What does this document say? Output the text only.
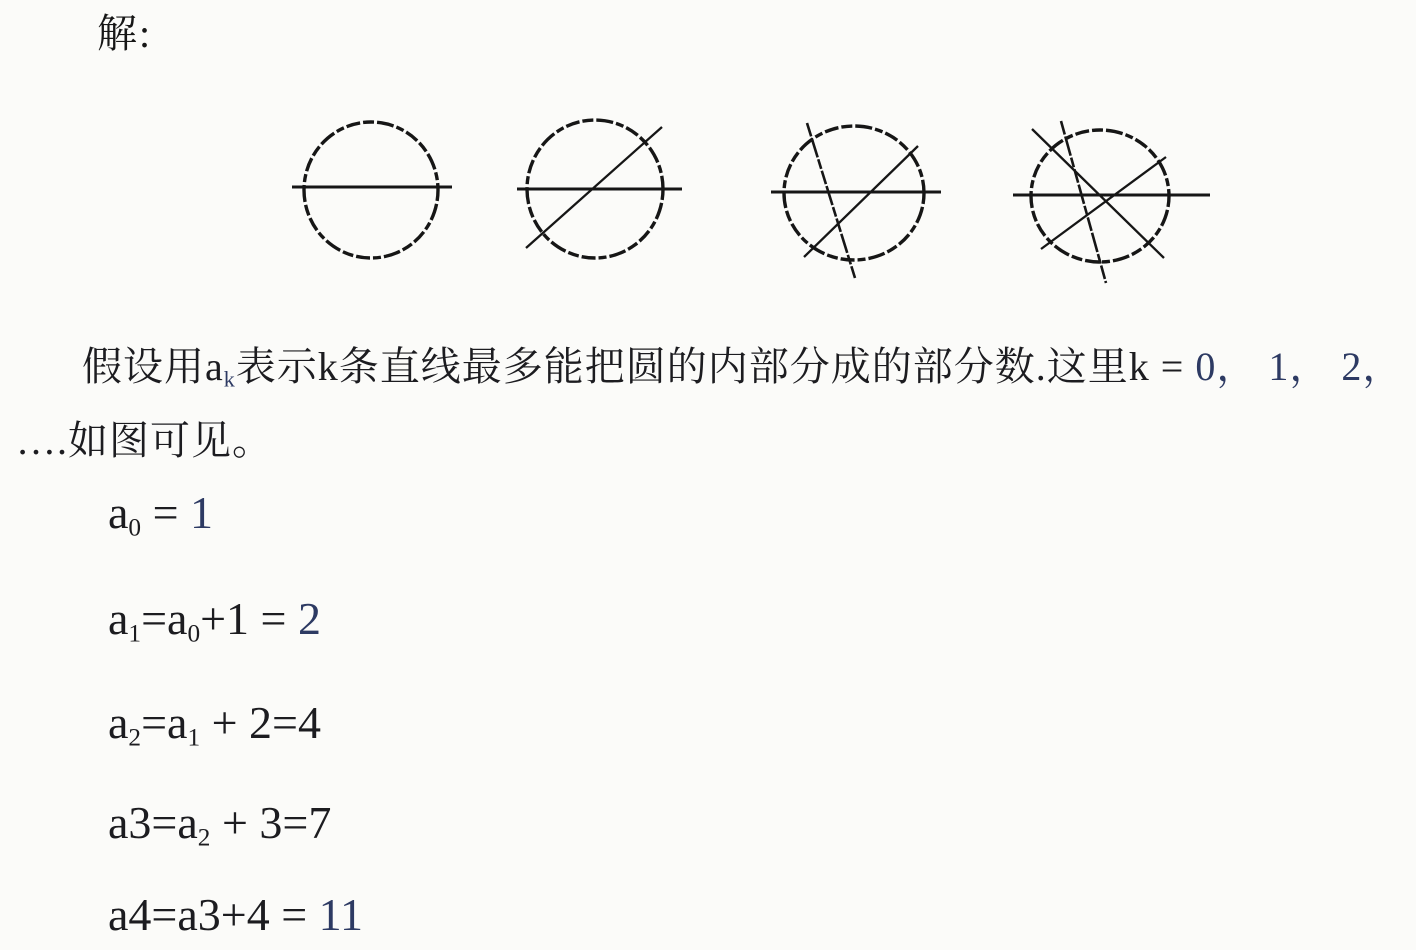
解:
假设用$a_k$表示k条直线最多能把圆的内部分成的部分数.这里k = 0， 1， 2，
….如图可见。
$a_0 = 1$
$a_1=a_0+1 = 2$
$a_2=a_1 + 2=4$
$a3=a_2 + 3=7$
a4=a3+4 = 11
